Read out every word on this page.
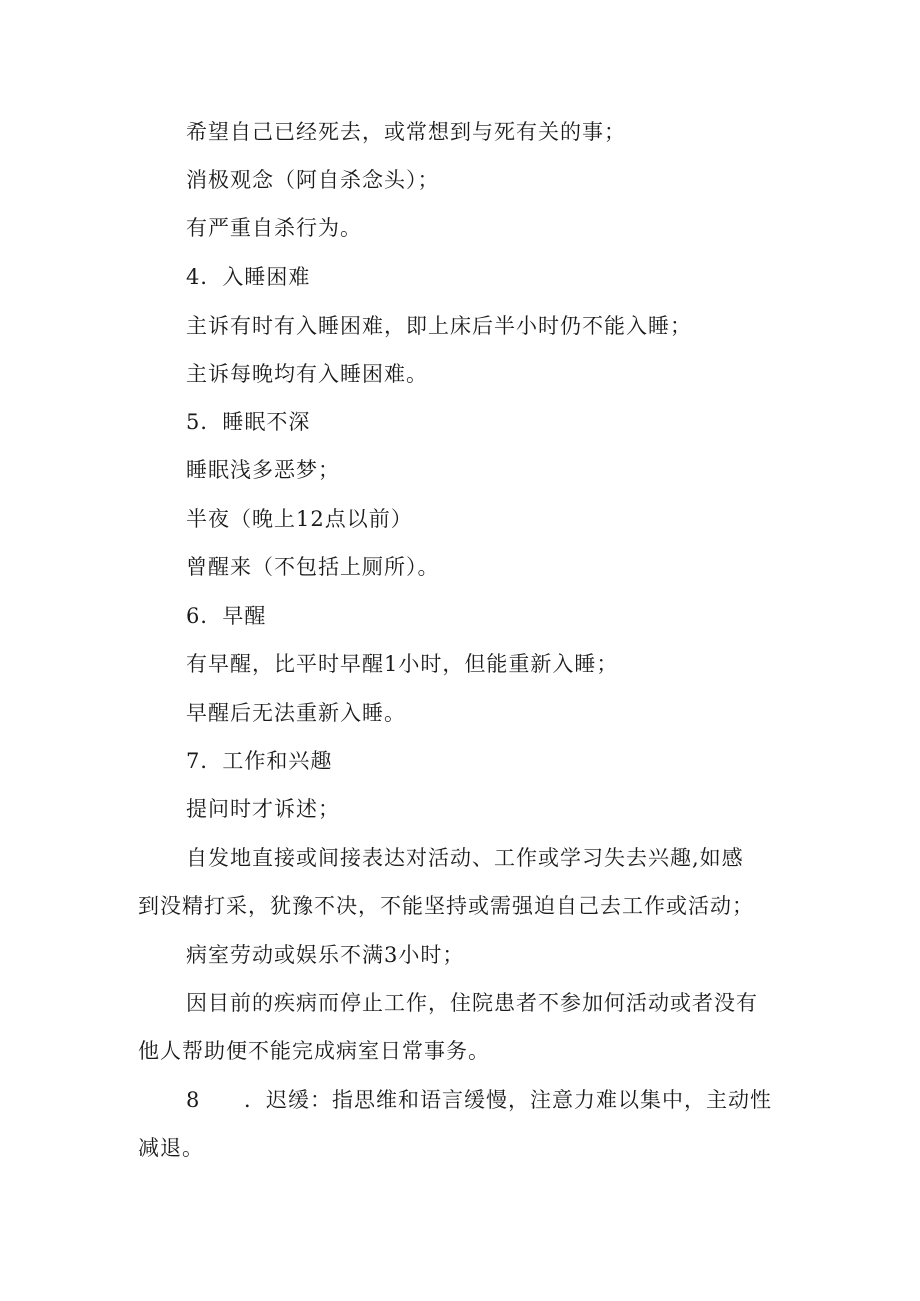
希望自己已经死去，或常想到与死有关的事；

消极观念（阿自杀念头）；

有严重自杀行为。

4．入睡困难

主诉有时有入睡困难，即上床后半小时仍不能入睡；

主诉每晚均有入睡困难。

5．睡眠不深

睡眠浅多恶梦；

半夜（晚上12点以前）

曾醒来（不包括上厕所）。

6．早醒

有早醒，比平时早醒1小时，但能重新入睡；

早醒后无法重新入睡。

7．工作和兴趣

提问时才诉述；

自发地直接或间接表达对活动、工作或学习失去兴趣,如感

到没精打采，犹豫不决，不能坚持或需强迫自己去工作或活动；

病室劳动或娱乐不满3小时；

因目前的疾病而停止工作，住院患者不参加何活动或者没有

他人帮助便不能完成病室日常事务。

8 ．迟缓：指思维和语言缓慢，注意力难以集中，主动性

减退。
